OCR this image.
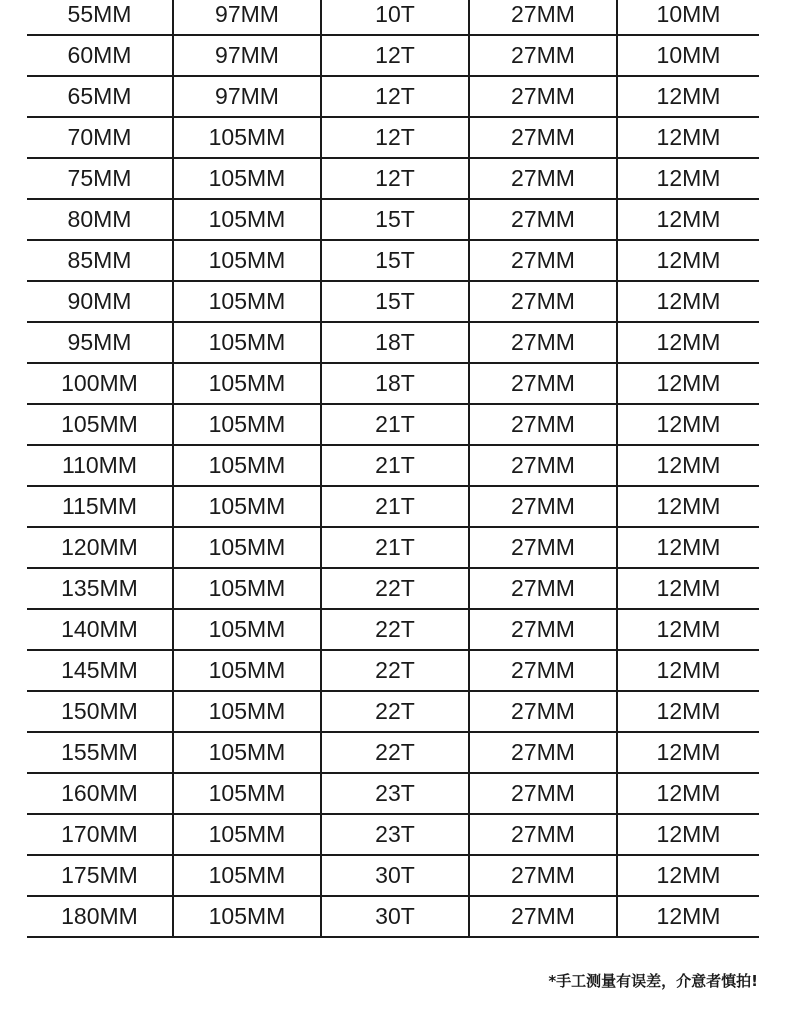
55MM	97MM	10T	27MM	10MM
60MM	97MM	12T	27MM	10MM
65MM	97MM	12T	27MM	12MM
70MM	105MM	12T	27MM	12MM
75MM	105MM	12T	27MM	12MM
80MM	105MM	15T	27MM	12MM
85MM	105MM	15T	27MM	12MM
90MM	105MM	15T	27MM	12MM
95MM	105MM	18T	27MM	12MM
100MM	105MM	18T	27MM	12MM
105MM	105MM	21T	27MM	12MM
110MM	105MM	21T	27MM	12MM
115MM	105MM	21T	27MM	12MM
120MM	105MM	21T	27MM	12MM
135MM	105MM	22T	27MM	12MM
140MM	105MM	22T	27MM	12MM
145MM	105MM	22T	27MM	12MM
150MM	105MM	22T	27MM	12MM
155MM	105MM	22T	27MM	12MM
160MM	105MM	23T	27MM	12MM
170MM	105MM	23T	27MM	12MM
175MM	105MM	30T	27MM	12MM
180MM	105MM	30T	27MM	12MM
*手工测量有误差，介意者慎拍!
